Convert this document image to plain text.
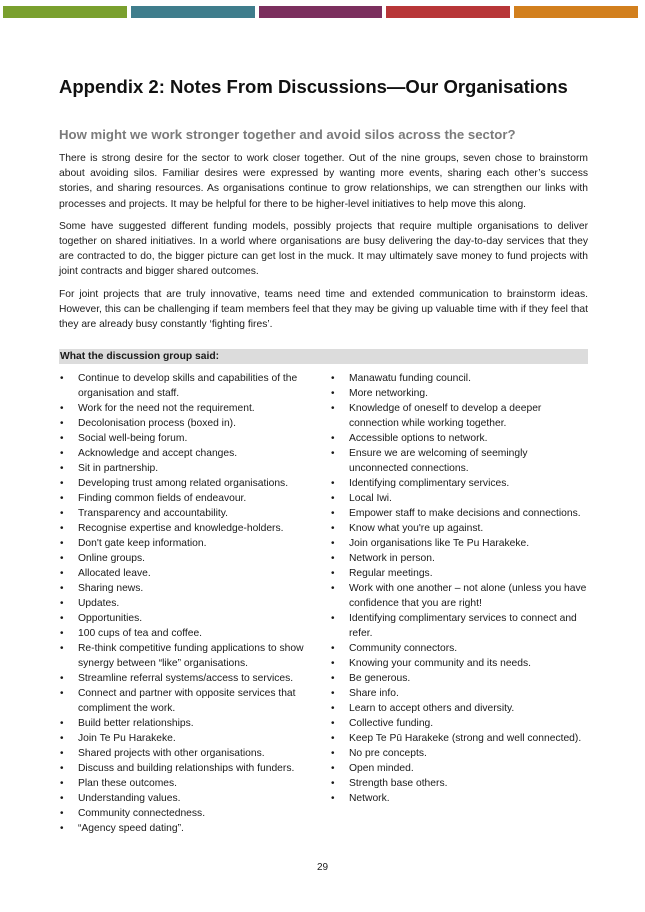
Appendix 2: Notes From Discussions—Our Organisations
How might we work stronger together and avoid silos across the sector?

There is strong desire for the sector to work closer together. Out of the nine groups, seven chose to brainstorm about avoiding silos. Familiar desires were expressed by wanting more events, sharing each other’s success stories, and sharing resources. As organisations continue to grow relationships, we can strengthen our links with processes and projects. It may be helpful for there to be higher-level initiatives to help move this along.

Some have suggested different funding models, possibly projects that require multiple organisations to deliver together on shared initiatives. In a world where organisations are busy delivering the day-to-day services that they are contracted to do, the bigger picture can get lost in the muck. It may ultimately save money to fund projects with joint contracts and bigger shared outcomes.

For joint projects that are truly innovative, teams need time and extended communication to brainstorm ideas. However, this can be challenging if team members feel that they may be giving up valuable time with if they feel that they are already busy constantly ‘fighting fires’.

What the discussion group said:
• Continue to develop skills and capabilities of the organisation and staff.
• Work for the need not the requirement.
• Decolonisation process (boxed in).
• Social well-being forum.
• Acknowledge and accept changes.
• Sit in partnership.
• Developing trust among related organisations.
• Finding common fields of endeavour.
• Transparency and accountability.
• Recognise expertise and knowledge-holders.
• Don't gate keep information.
• Online groups.
• Allocated leave.
• Sharing news.
• Updates.
• Opportunities.
• 100 cups of tea and coffee.
• Re-think competitive funding applications to show synergy between “like” organisations.
• Streamline referral systems/access to services.
• Connect and partner with opposite services that compliment the work.
• Build better relationships.
• Join Te Pu Harakeke.
• Shared projects with other organisations.
• Discuss and building relationships with funders.
• Plan these outcomes.
• Understanding values.
• Community connectedness.
• “Agency speed dating”.
• Manawatu funding council.
• More networking.
• Knowledge of oneself to develop a deeper connection while working together.
• Accessible options to network.
• Ensure we are welcoming of seemingly unconnected connections.
• Identifying complimentary services.
• Local Iwi.
• Empower staff to make decisions and connections.
• Know what you're up against.
• Join organisations like Te Pu Harakeke.
• Network in person.
• Regular meetings.
• Work with one another – not alone (unless you have confidence that you are right!
• Identifying complimentary services to connect and refer.
• Community connectors.
• Knowing your community and its needs.
• Be generous.
• Share info.
• Learn to accept others and diversity.
• Collective funding.
• Keep Te Pū Harakeke (strong and well connected).
• No pre concepts.
• Open minded.
• Strength base others.
• Network.
29
